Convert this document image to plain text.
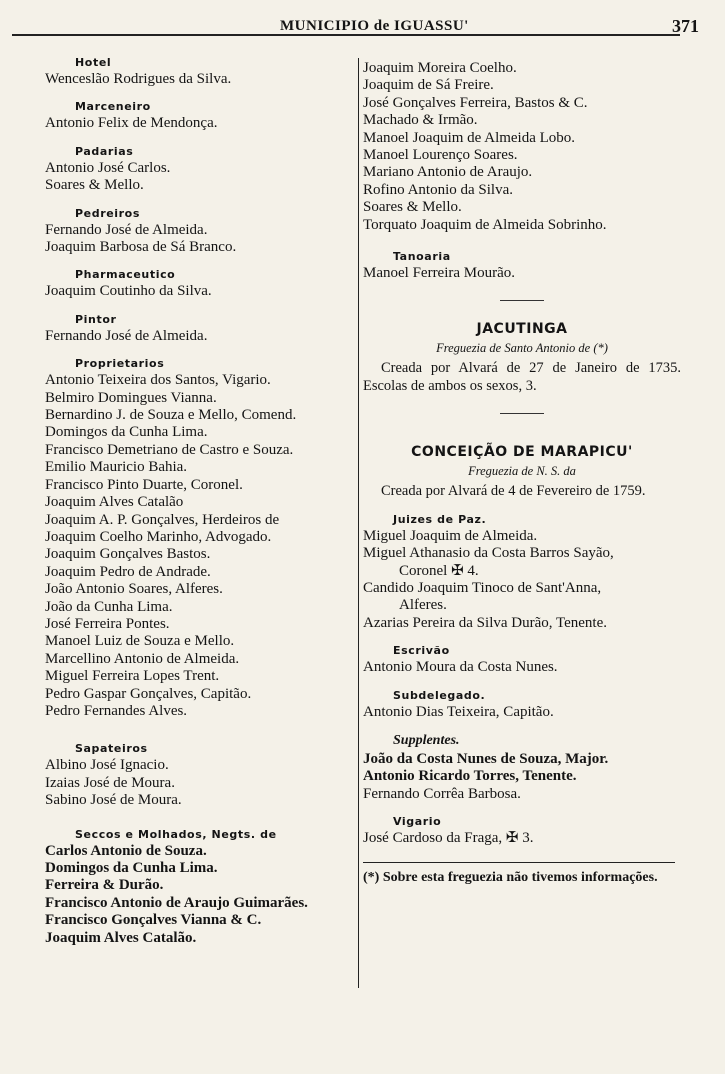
MUNICIPIO de IGUASSU'	371
Hotel
Wenceslão Rodrigues da Silva.
Marceneiro
Antonio Felix de Mendonça.
Padarias
Antonio José Carlos.
Soares & Mello.
Pedreiros
Fernando José de Almeida.
Joaquim Barbosa de Sá Branco.
Pharmaceutico
Joaquim Coutinho da Silva.
Pintor
Fernando José de Almeida.
Proprietarios
Antonio Teixeira dos Santos, Vigario.
Belmiro Domingues Vianna.
Bernardino J. de Souza e Mello, Comend.
Domingos da Cunha Lima.
Francisco Demetriano de Castro e Souza.
Emilio Mauricio Bahia.
Francisco Pinto Duarte, Coronel.
Joaquim Alves Catalão
Joaquim A. P. Gonçalves, Herdeiros de
Joaquim Coelho Marinho, Advogado.
Joaquim Gonçalves Bastos.
Joaquim Pedro de Andrade.
João Antonio Soares, Alferes.
João da Cunha Lima.
José Ferreira Pontes.
Manoel Luiz de Souza e Mello.
Marcellino Antonio de Almeida.
Miguel Ferreira Lopes Trent.
Pedro Gaspar Gonçalves, Capitão.
Pedro Fernandes Alves.
Sapateiros
Albino José Ignacio.
Izaias José de Moura.
Sabino José de Moura.
Seccos e Molhados, Negts. de
Carlos Antonio de Souza.
Domingos da Cunha Lima.
Ferreira & Durão.
Francisco Antonio de Araujo Guimarães.
Francisco Gonçalves Vianna & C.
Joaquim Alves Catalão.
Joaquim Moreira Coelho.
Joaquim de Sá Freire.
José Gonçalves Ferreira, Bastos & C.
Machado & Irmão.
Manoel Joaquim de Almeida Lobo.
Manoel Lourenço Soares.
Mariano Antonio de Araujo.
Rofino Antonio da Silva.
Soares & Mello.
Torquato Joaquim de Almeida Sobrinho.
Tanoaria
Manoel Ferreira Mourão.
JACUTINGA
Freguezia de Santo Antonio de (*)
Creada por Alvará de 27 de Janeiro de 1735. Escolas de ambos os sexos, 3.
CONCEIÇÃO DE MARAPICU'
Freguezia de N. S. da
Creada por Alvará de 4 de Fevereiro de 1759.
Juizes de Paz.
Miguel Joaquim de Almeida.
Miguel Athanasio da Costa Barros Sayão,
Coronel ✠ 4.
Candido Joaquim Tinoco de Sant'Anna,
Alferes.
Azarias Pereira da Silva Durão, Tenente.
Escrivão
Antonio Moura da Costa Nunes.
Subdelegado.
Antonio Dias Teixeira, Capitão.
Supplentes.
João da Costa Nunes de Souza, Major.
Antonio Ricardo Torres, Tenente.
Fernando Corrêa Barbosa.
Vigario
José Cardoso da Fraga, ✠ 3.
(*) Sobre esta freguezia não tivemos informações.
